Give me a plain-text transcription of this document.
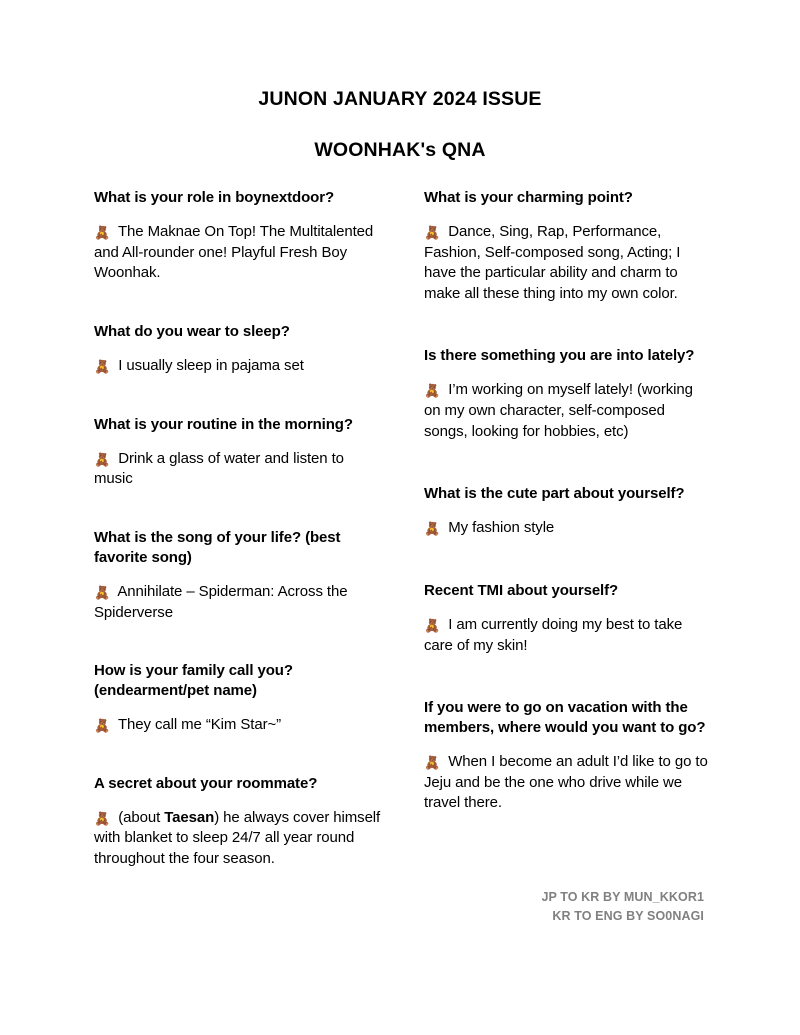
JUNON JANUARY 2024 ISSUE
WOONHAK's QNA

What is your role in boynextdoor?

🧸 The Maknae On Top! The Multitalented and All-rounder one! Playful Fresh Boy Woonhak.

What do you wear to sleep?

🧸 I usually sleep in pajama set

What is your routine in the morning?

🧸 Drink a glass of water and listen to music

What is the song of your life? (best favorite song)

🧸 Annihilate – Spiderman: Across the Spiderverse

How is your family call you? (endearment/pet name)

🧸 They call me “Kim Star~”

A secret about your roommate?

🧸 (about Taesan) he always cover himself with blanket to sleep 24/7 all year round throughout the four season.

What is your charming point?

🧸 Dance, Sing, Rap, Performance, Fashion, Self-composed song, Acting; I have the particular ability and charm to make all these thing into my own color.

Is there something you are into lately?

🧸 I’m working on myself lately! (working on my own character, self-composed songs, looking for hobbies, etc)

What is the cute part about yourself?

🧸 My fashion style

Recent TMI about yourself?

🧸 I am currently doing my best to take care of my skin!

If you were to go on vacation with the members, where would you want to go?

🧸 When I become an adult I’d like to go to Jeju and be the one who drive while we travel there.

JP TO KR BY MUN_KKOR1
KR TO ENG BY SO0NAGI
